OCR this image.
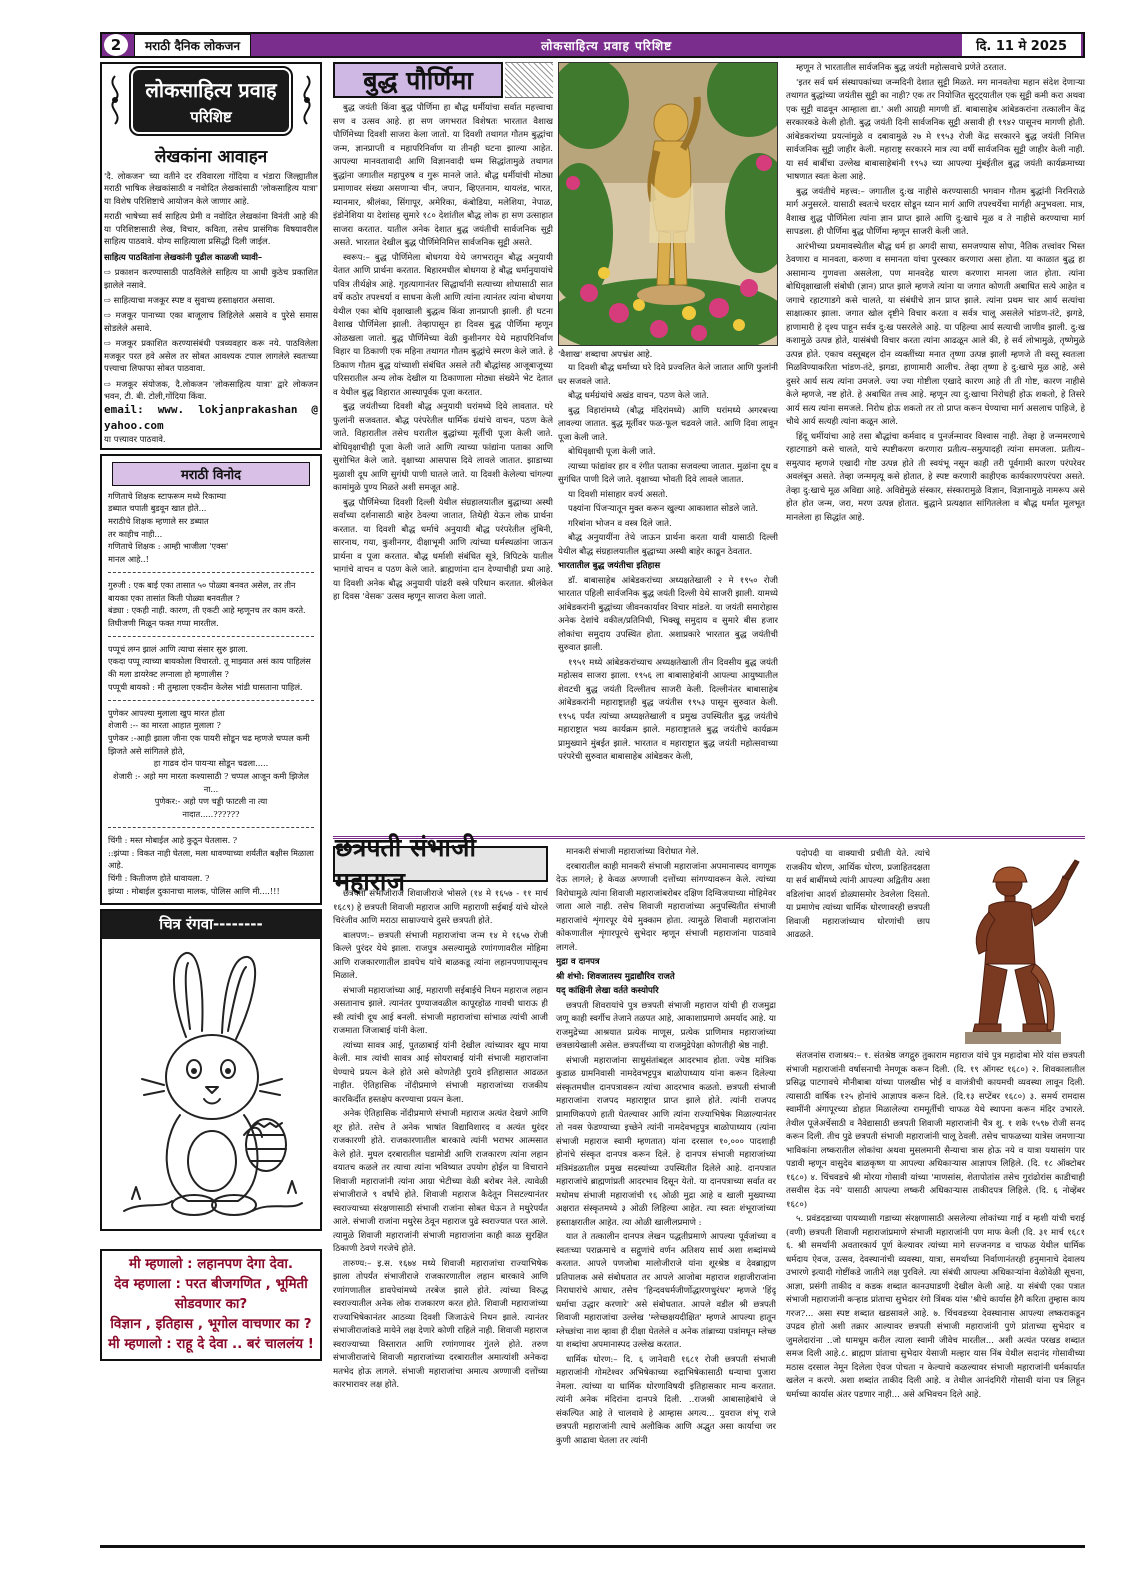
2	मराठी दैनिक लोकजन	लोकसाहित्य प्रवाह परिशिष्ट	दि. 11 मे 2025
लोकसाहित्य प्रवाह
परिशिष्ट
लेखकांना आवाहन

'दै. लोकजन' च्या वतीने दर रविवारला गोंदिया व भंडारा जिल्ह्यातील मराठी भाषिक लेखकांसाठी व नवोदित लेखकांसाठी 'लोकसाहित्य यात्रा' या विशेष परिशिष्टाचे आयोजन केले जाणार आहे.

मराठी भाषेच्या सर्व साहित्य प्रेमी व नवोदित लेखकांना विनंती आहे की या परिशिष्टासाठी लेख, विचार, कविता, तसेच प्रासंगिक विषयावरील साहित्य पाठवावे. योग्य साहित्याला प्रसिद्धी दिली जाईल.

साहित्य पाठवितांना लेखकांनी पुढील काळजी घ्यावी–

⇨ प्रकाशन करण्यासाठी पाठविलेले साहित्य या आधी कुठेच प्रकाशित झालेले नसावे.

⇨ साहित्याचा मजकूर स्पष्ट व सुवाच्य हस्ताक्षरात असावा.

⇨ मजकूर पानाच्या एका बाजूलाच लिहिलेले असावे व पुरेसे समास सोडलेले असावे.

⇨ मजकूर प्रकाशित करण्यासंबंधी पत्रव्यवहार करू नये. पाठविलेला मजकूर परत हवे असेल तर सोबत आवश्यक टपाल लागलेले स्वतःच्या पत्त्याचा लिफाफा सोबत पाठवावा.

⇨ मजकूर संयोजक, दै.लोकजन 'लोकसाहित्य यात्रा' द्वारे लोकजन भवन, टी. बी. टोली,गोंदिया किंवा.

email: www. lokjanprakashan @ yahoo.com
या पत्त्यावर पाठवावे.
मराठी विनोद
गणिताचे शिक्षक स्टाफरूम मध्ये रिकाम्या
डब्यात चपाती बुडवून खात होते...
मराठीचे शिक्षक म्हणाले सर डब्यात
तर काहीच नाही...
गणिताचे शिक्षक : आम्ही भाजीला 'एक्स'
मानल आहे..!
गुरुजी : एक बाई एका तासात ५० पोळ्या बनवत असेल, तर तीन बायका एका तासांत किती पोळ्या बनवतील ?
बंड्या : एकही नाही. कारण, ती एकटी आहे म्हणूनच तर काम करते. तिघीजणी मिळून फक्त गप्पा मारतील.
पप्पूचं लग्न झालं आणि त्याचा संसार सुरु झाला.
एकदा पप्पू त्याच्या बायकोला विचारतो. तू माझ्यात असं काय पाहिलंस की मला डायरेक्ट लग्नाला हो म्हणालीस ?
पप्पूची बायको : मी तुम्हाला एकदीन केलेस भांडी घासताना पाहिलं.
पुणेकर आपल्या मुलाला खुप मारत होता
शेजारी :-- का मारता आहात मुलाला ?
पुणेकर :-आही झाला जीना एक पायरी सोडून चढ म्हणजे चप्पल कमी झिजते असे सांगितले होते,
हा गाढव दोन पायऱ्या सोडून चढला.....
शेजारी :- अहो मग मारता कश्यासाठी ? चप्पल आजून कमी झिजेल ना...
पुणेकर:- अहो पण चड्डी फाटली ना त्या
नादात.....??????
चिंगी : मस्त मोबाईल आहे कुठून घेतलास. ?
::झंप्या : विकत नाही घेतला, मला धावण्याच्या शर्यतीत बक्षीस मिळाला आहे.
चिंगी : कितीजण होते धावायला. ?
झंप्या : मोबाईल दुकानाचा मालक, पोलिस आणि मी....!!!
चित्र रंगवा--------
मी म्हणालो : लहानपण देगा देवा.
देव म्हणाला : परत बीजगणित , भूमिती सोडवणार का?
विज्ञान , इतिहास , भूगोल वाचणार का ?
मी म्हणालो : राहू दे देवा .. बरं चाललंय !
बुद्ध पौर्णिमा

बुद्ध जयंती किंवा बुद्ध पौर्णिमा हा बौद्ध धर्मीयांचा सर्वात महत्त्वाचा सण व उत्सव आहे. हा सण जगभरात विशेषतः भारतात वैशाख पौर्णिमेच्या दिवशी साजरा केला जातो. या दिवशी तथागत गौतम बुद्धांचा जन्म, ज्ञानप्राप्ती व महापरिनिर्वाण या तीनही घटना झाल्या आहेत. आपल्या मानवतावादी आणि विज्ञानवादी धम्म सिद्धांतामुळे तथागत बुद्धांना जगातील महापुरुष व गुरू मानले जाते. बौद्ध धर्मीयांची मोठ्या प्रमाणावर संख्या असणाऱ्या चीन, जपान, व्हिएतनाम, थायलंड, भारत, म्यानमार, श्रीलंका, सिंगापूर, अमेरिका, कंबोडिया, मलेशिया, नेपाळ, इंडोनेशिया या देशांसह सुमारे १८० देशांतील बौद्ध लोक हा सण उत्साहात साजरा करतात. यातील अनेक देशात बुद्ध जयंतीची सार्वजनिक सुट्टी असते. भारतात देखील बुद्ध पौर्णिमेनिमित्त सार्वजनिक सुट्टी असते.

स्वरूप:– बुद्ध पौर्णिमेला बोधगया येथे जगभरातून बौद्ध अनुयायी येतात आणि प्रार्थना करतात. बिहारमधील बोधगया हे बौद्ध धर्मानुयायांचे पवित्र तीर्थक्षेत्र आहे. गृहत्यागानंतर सिद्धार्थांनी सत्याच्या शोधासाठी सात वर्षे कठोर तपश्चर्या व साधना केली आणि त्यांना त्यानंतर त्यांना बोधगया येथील एका बोधि वृक्षाखाली बुद्धत्व किंवा ज्ञानप्राप्ती झाली. ही घटना वैशाख पौर्णिमेला झाली. तेव्हापासून हा दिवस बुद्ध पौर्णिमा म्हणून ओळखला जातो. बुद्ध पौर्णिमेच्या वेळी कुशीनगर येथे महापरिनिर्वाण विहार या ठिकाणी एक महिना तथागत गौतम बुद्धांचे स्मरण केले जाते. हे ठिकाण गौतम बुद्ध यांच्याशी संबंधित असले तरी बौद्धांसह आजूबाजूच्या परिसरातील अन्य लोक देखील या ठिकाणाला मोठ्या संख्येने भेट देतात व येथील बुद्ध विहारात आस्थापूर्वक पूजा करतात.

बुद्ध जयंतीच्या दिवशी बौद्ध अनुयायी घरांमध्ये दिवे लावतात. घरे फुलांनी सजवतात. बौद्ध परंपरेतील धार्मिक ग्रंथांचे वाचन, पठण केले जाते. विहारातील तसेच घरातील बुद्धांच्या मूर्तीची पूजा केली जाते. बोधिवृक्षाचीही पूजा केली जाते आणि त्याच्या फांद्यांना पताका आणि सुशोभित केले जाते. वृक्षाच्या आसपास दिवे लावले जातात. झाडाच्या मुळाशी दूध आणि सुगंधी पाणी घातले जाते. या दिवशी केलेल्या चांगल्या कामांमुळे पुण्य मिळते अशी समजूत आहे.

बुद्ध पौर्णिमेच्या दिवशी दिल्ली येथील संग्रहालयातील बुद्धाच्या अस्थी सर्वांच्या दर्शनासाठी बाहेर ठेवल्या जातात, तिथेही येऊन लोक प्रार्थना करतात. या दिवशी बौद्ध धर्माचे अनुयायी बौद्ध परंपरेतील लुंबिनी, सारनाथ, गया, कुशीनगर, दीक्षाभूमी आणि त्यांच्या धर्मस्थळांना जाऊन प्रार्थना व पूजा करतात. बौद्ध धर्माशी संबंधित सूत्रे, त्रिपिटके यातील भागांचे वाचन व पठण केले जाते. ब्राह्मणांना दान देण्याचीही प्रथा आहे. या दिवशी अनेक बौद्ध अनुयायी पांढरी वस्त्रे परिधान करतात. श्रीलंकेत हा दिवस 'वेसक' उत्सव म्हणून साजरा केला जातो.

'वैशाख' शब्दाचा अपभ्रंश आहे.

या दिवशी बौद्ध धर्मांच्या घरे दिवे प्रज्वलित केले जातात आणि फुलांनी घर सजवले जाते.

बौद्ध धर्मग्रंथांचे अखंड वाचन, पठण केले जाते.

बुद्ध विहारांमध्ये (बौद्ध मंदिरांमध्ये) आणि घरांमध्ये अगरबत्त्या लावल्या जातात. बुद्ध मूर्तीवर फळ-फूल चढवले जाते. आणि दिवा लावून पूजा केली जाते.

बोधिवृक्षाची पूजा केली जाते.

त्याच्या फांद्यांवर हार व रंगीत पताका सजवल्या जातात. मुळांना दूध व सुगंधित पाणी दिले जाते. वृक्षाच्या भोवती दिवे लावले जातात.

या दिवशी मांसाहार वर्ज्य असतो.

पक्ष्यांना पिंजऱ्यातून मुक्त करून खुल्या आकाशात सोडले जाते.

गरिबांना भोजन व वस्त्र दिले जाते.

बौद्ध अनुयायींना तेथे जाऊन प्रार्थना करता यावी यासाठी दिल्ली येथील बौद्ध संग्रहालयातील बुद्धाच्या अस्थी बाहेर काढून ठेवतात.

भारतातील बुद्ध जयंतीचा इतिहास

डॉ. बाबासाहेब आंबेडकरांच्या अध्यक्षतेखाली २ मे १९५० रोजी भारतात पहिली सार्वजनिक बुद्ध जयंती दिल्ली येथे साजरी झाली. यामध्ये आंबेडकरांनी बुद्धांच्या जीवनकार्यावर विचार मांडले. या जयंती समारोहास अनेक देशांचे वकील/प्रतिनिधी, भिक्खू समुदाय व सुमारे बीस हजार लोकांचा समुदाय उपस्थित होता. अशाप्रकारे भारतात बुद्ध जयंतीची सुरुवात झाली.

१९५१ मध्ये आंबेडकरांच्याच अध्यक्षतेखाली तीन दिवसीय बुद्ध जयंती महोत्सव साजरा झाला. १९५६ ला बाबासाहेबांनी आपल्या आयुष्यातील शेवटची बुद्ध जयंती दिल्लीतच साजरी केली. दिल्लीनंतर बाबासाहेब आंबेडकरांनी महाराष्ट्रातही बुद्ध जयंतीस १९५३ पासून सुरुवात केली. १९५६ पर्यंत त्यांच्या अध्यक्षतेखाली व प्रमुख उपस्थितीत बुद्ध जयंतीचे महाराष्ट्रात भव्य कार्यक्रम झाले. महाराष्ट्रातले बुद्ध जयंतीचे कार्यक्रम प्रामुख्याने मुंबईत झाले. भारतात व महाराष्ट्रात बुद्ध जयंती महोत्सवाच्या परंपरेची सुरुवात बाबासाहेब आंबेडकर केली,

म्हणून ते भारतातील सार्वजनिक बुद्ध जयंती महोत्सवाचे प्रणेते ठरतात.

'इतर सर्व धर्म संस्थापकांच्या जन्मदिनी देशात सुट्टी मिळते. मग मानवतेचा महान संदेश देणाऱ्या तथागत बुद्धांच्या जयंतीस सुट्टी का नाही? एक तर नियोजित सुट्ट्यातील एक सुट्टी कमी करा अथवा एक सुट्टी वाढवून आम्हाला द्या.' अशी आग्रही मागणी डॉ. बाबासाहेब आंबेडकरांना तत्कालीन केंद्र सरकारकडे केली होती. बुद्ध जयंती दिनी सार्वजनिक सुट्टी असावी ही १९४२ पासूनच मागणी होती. आंबेडकरांच्या प्रयत्नांमुळे व दबावामुळे २७ मे १९५३ रोजी केंद्र सरकारने बुद्ध जयंती निमित्त सार्वजनिक सुट्टी जाहीर केली. महाराष्ट्र सरकारने मात्र त्या वर्षी सार्वजनिक सुट्टी जाहीर केली नाही. या सर्व बाबींचा उल्लेख बाबासाहेबांनी १९५३ च्या आपल्या मुंबईतील बुद्ध जयंती कार्यक्रमाच्या भाषणात स्वतः केला आहे.

बुद्ध जयंतीचे महत्त्व:– जगातील दु:ख नाहीसे करण्यासाठी भगवान गौतम बुद्धांनी निरनिराळे मार्ग अनुसरले. यासाठी स्वतःचे घरदार सोडून ध्यान मार्ग आणि तपश्चर्येचा मार्गही अनुभवला. मात्र, वैशाख शुद्ध पौर्णिमेला त्यांना ज्ञान प्राप्त झाले आणि दु:खाचे मूळ व ते नाहीसे करण्याचा मार्ग सापडला. ही पौर्णिमा बुद्ध पौर्णिमा म्हणून साजरी केली जाते.

आरंभीच्या प्रथमावस्थेतील बौद्ध धर्म हा अगदी साधा, समजण्यास सोपा, नैतिक तत्त्वांवर भिस्त ठेवणारा व मानवता, करुणा व समानता यांचा पुरस्कार करणारा असा होता. या काळात बुद्ध हा असामान्य गुणवत्ता असलेला, पण मानवदेह धारण करणारा मानला जात होता. त्यांना बोधिवृक्षाखाली संबोधी (ज्ञान) प्राप्त झाले म्हणजे त्यांना या जगात कोणती अबाधित सत्ये आहेत व जगाचे रहाटगाडगे कसे चालते, या संबंधीचे ज्ञान प्राप्त झाले. त्यांना प्रथम चार आर्य सत्यांचा साक्षात्कार झाला. जगात खोल दृष्टीने विचार करता व सर्वत्र चालू असलेले भांडण-तंटे, झगडे, हाणामारी हे दृश्य पाहून सर्वत्र दु:ख पसरलेले आहे. या पहिल्या आर्य सत्याची जाणीव झाली. दु:ख कशामुळे उत्पन्न होते, यासंबंधी विचार करता त्यांना आढळून आले की, हे सर्व लोभामुळे, तृष्णेमुळे उत्पन्न होते. एकाच वस्तूबद्दल दोन व्यक्तींच्या मनात तृष्णा उत्पन्न झाली म्हणजे ती वस्तू स्वतःला मिळविण्याकरिता भांडण-तंटे, झगडा, हाणामारी आलीच. तेव्हा तृष्णा हे दु:खाचे मूळ आहे, असे दुसरे आर्य सत्य त्यांना उमजले. ज्या ज्या गोष्टीला एखादे कारण आहे ती ती गोष्ट, कारण नाहीसे केले म्हणजे, नष्ट होते. हे अबाधित तत्त्व आहे. म्हणून त्या दु:खाचा निरोधही होऊ शकतो, हे तिसरे आर्य सत्य त्यांना समजले. निरोध होऊ शकतो तर तो प्राप्त करून घेण्याचा मार्ग असलाच पाहिजे, हे चौथे आर्य सत्यही त्यांना कळून आले.

हिंदू धर्मीयांचा आहे तसा बौद्धांचा कर्मवाद व पुनर्जन्मावर विश्वास नाही. तेव्हा हे जन्ममरणाचे रहाटगाडगे कसे चालते, याचे स्पष्टीकरण करणारा प्रतीत्य–समुत्पादही त्यांना समजला. प्रतीत्य–समुत्पाद म्हणजे एखादी गोष्ट उत्पन्न होते ती स्वयंभू नसून काही तरी पूर्वगामी कारण परंपरेवर अवलंबून असते. तेव्हा जन्ममृत्यू कसे होतात, हे स्पष्ट करणारी काहीएक कार्यकारणपरंपरा असते. तेव्हा दु:खाचे मूळ अविद्या आहे. अविद्येमुळे संस्कार, संस्कारामुळे विज्ञान, विज्ञानामुळे नामरूप असे होत होत जन्म, जरा, मरण उत्पन्न होतात. बुद्धाने प्रत्यक्षात सांगितलेला व बौद्ध धर्मात मूलभूत मानलेला हा सिद्धांत आहे.

छत्रपती संभाजी महाराज

छत्रपती संभाजीराजे शिवाजीराजे भोसले (१४ मे १६५७ - ११ मार्च १६८९) हे छत्रपती शिवाजी महाराज आणि महाराणी सईबाई यांचे थोरले चिरंजीव आणि मराठा साम्राज्याचे दुसरे छत्रपती होते.

बालपण:– छत्रपती संभाजी महाराजांचा जन्म १४ मे १६५७ रोजी किल्ले पुरंदर येथे झाला. राजपुत्र असल्यामुळे रणांगणावरील मोहिमा आणि राजकारणातील डावपेच यांचे बाळकडू त्यांना लहानपणापासूनच मिळाले.

संभाजी महाराजांच्या आई, महाराणी सईबाईचे निधन महाराज लहान असतानाच झाले. त्यानंतर पुण्याजवळील कापूरहोळ गावची धाराऊ ही स्त्री त्यांची दूध आई बनली. संभाजी महाराजांचा सांभाळ त्यांची आजी राजमाता जिजाबाई यांनी केला.

त्यांच्या सावत्र आई, पुतळाबाई यांनी देखील त्यांच्यावर खूप माया केली. मात्र त्यांची सावत्र आई सोयराबाई यांनी संभाजी महाराजांना घेण्याचे प्रयत्न केले होते असे कोणतेही पुरावे इतिहासात आढळत नाहीत. ऐतिहासिक नोंदीप्रमाणे संभाजी महाराजांच्या राजकीय कारकिर्दीत हस्तक्षेप करण्याचा प्रयत्न केला.

अनेक ऐतिहासिक नोंदीप्रमाणे संभाजी महाराज अत्यंत देखणे आणि शूर होते. तसेच ते अनेक भाषांत विद्याविशारद व अत्यंत धुरंदर राजकारणी होते. राजकारणातील बारकावे त्यांनी भराभर आत्मसात केले होते. मुघल दरबारातील घडामोडी आणि राजकारण त्यांना लहान वयातच कळले तर त्याचा त्यांना भविष्यात उपयोग होईल या विचाराने शिवाजी महाराजांनी त्यांना आग्रा भेटीच्या वेळी बरोबर नेले. त्यावेळी संभाजीराजे ९ वर्षांचे होते. शिवाजी महाराज कैदेतून निसटल्यानंतर स्वराज्याच्या संरक्षणासाठी संभाजी राजांना सोबत घेऊन ते मथुरेपर्यंत आले. संभाजी राजांना मथुरेस ठेवून महाराज पुढे स्वराज्यात परत आले. त्यामुळे शिवाजी महाराजांनी संभाजी महाराजांना काही काळ सुरक्षित ठिकाणी ठेवणे गरजेचे होते.

तारुण्य:– इ.स. १६७४ मध्ये शिवाजी महाराजांचा राज्याभिषेक झाला तोपर्यंत संभाजीराजे राजकारणातील लहान बारकावे आणि रणांगणातील डावपेचांमध्ये तरबेज झाले होते. त्यांच्या विरुद्ध स्वराज्यातील अनेक लोक राजकारण करत होते. शिवाजी महाराजांच्या राज्याभिषेकानंतर आठव्या दिवशी जिजाऊंचे निधन झाले. त्यानंतर संभाजीराजांकडे मायेने लक्ष देणारे कोणी राहिले नाही. शिवाजी महाराज स्वराज्याच्या विस्तारात आणि रणांगणावर गुंतले होते. तरुण संभाजीराजांचे शिवाजी महाराजांच्या दरबारातील अमात्यांशी अनेकदा मतभेद होऊ लागले. संभाजी महाराजांचा अमात्य अण्णाजी दत्तोंच्या कारभारावर लक्ष होते.

मानकरी संभाजी महाराजांच्या विरोधात गेले.

दरबारातील काही मानकरी संभाजी महाराजांना अपमानास्पद वागणूक देऊ लागले; हे केवळ अण्णाजी दत्तोंच्या सांगण्यावरून केले. त्यांच्या विरोधामुळे त्यांना शिवाजी महाराजांबरोबर दक्षिण दिग्विजयाच्या मोहिमेवर जाता आले नाही. तसेच शिवाजी महाराजांच्या अनुपस्थितीत संभाजी महाराजांचे शृंगारपूर येथे मुक्काम होता. त्यामुळे शिवाजी महाराजांना कोकणातील शृंगारपूरचे सुभेदार म्हणून संभाजी महाराजांना पाठवावे लागले.

मुद्रा व दानपत्र

श्री शंभो: शिवजातस्य मुद्राद्यौरिव राजते

यद् कांक्षिनी लेखा वर्तते कस्योपरि

छत्रपती शिवरायांचे पुत्र छत्रपती संभाजी महाराज यांची ही राजमुद्रा जणू काही स्वर्गीच तेजाने तळपत आहे, आकाशाप्रमाणे अमर्याद आहे. या राजमुद्रेच्या आश्रयात प्रत्येक माणूस, प्रत्येक प्राणिमात्र महाराजांच्या छत्रछायेखाली असेल. छत्रपतींच्या या राजमुद्रेपेक्षा कोणतीही श्रेष्ठ नाही.

संभाजी महाराजांना साधुसंतांबद्दल आदरभाव होता. ज्येष्ठ मांत्रिक कुडाळ ग्रामनिवासी नामदेवभट्टपुत्र बाळोपाध्याय यांना करून दिलेल्या संस्कृतमधील दानपत्रावरून त्यांचा आदरभाव कळतो. छत्रपती संभाजी महाराजांना राजपद महाराष्ट्रात प्राप्त झाले होते. त्यांनी राजपद प्रामाणिकपणे हाती घेतल्यावर आणि त्यांना राज्याभिषेक मिळाल्यानंतर तो नवस फेडण्याच्या इच्छेने त्यांनी नामदेवभट्टपुत्र बाळोपाध्याय (त्यांना संभाजी महाराज स्वामी म्हणतात) यांना दरसाल १०,००० पादशाही होनांचे संस्कृत दानपत्र करून दिले. हे दानपत्र संभाजी महाराजांच्या मंत्रिमंडळातील प्रमुख सदस्यांच्या उपस्थितीत दिलेले आहे. दानपत्रात महाराजांचे ब्राह्मणांप्रती आदरभाव दिसून येतो. या दानपत्राच्या सर्वात वर मधोमध संभाजी महाराजांची १६ ओळी मुद्रा आहे व खाली मुख्याच्या अक्षरात संस्कृतमध्ये ३ ओळी लिहिल्या आहेत. त्या स्वतः शंभूराजांच्या हस्ताक्षरातील आहेत. त्या ओळी खालीलप्रमाणे :

यात ते तत्कालीन दानपत्र लेखन पद्धतीप्रमाणे आपल्या पूर्वजांच्या व स्वतःच्या पराक्रमाचे व सद्गुणांचे वर्णन अतिशय सार्थ अशा शब्दांमध्ये करतात. आपले पणजोबा मालोजीराजे यांना शूरश्रेष्ठ व देवब्राह्मण प्रतिपालक असे संबोधतात तर आपले आजोबा महाराज शहाजीराजांना निराधारांचे आधार, तसेच 'हिन्दवधर्मजीर्णोद्धारणधुरंधर' म्हणजे 'हिंदू धर्माचा उद्धार करणारे' असे संबोधतात. आपले वडील श्री छत्रपती शिवाजी महाराजांचा उल्लेख 'म्लेच्छक्षयदीक्षित' म्हणजे आपल्या हातून म्लेच्छांचा नाश व्हावा ही दीक्षा घेतलेले व अनेक तांब्राच्या पत्रांमधून म्लेच्छ या शब्दांचा अपमानास्पद उल्लेख करतात.

धार्मिक धोरण:– दि. ६ जानेवारी १६८१ रोजी छत्रपती संभाजी महाराजांनी गोमटेश्वर अभिषेकाच्या रुद्राभिषेकासाठी धन्याचा पुजारा नेमला. त्यांच्या या धार्मिक धोरणाविषयी इतिहासकार मान्य करतात. त्यांनी अनेक मंदिरांना दानपत्रे दिली. ..राजश्री आबासाहेबांचे जे संकल्पित आहे ते चालवावे हे आम्हास अगत्य... युवराज शंभू राजे छत्रपती महाराजांनी त्याचे अलौकिक आणि अद्भुत असा कार्याचा जर कुणी आढावा घेतला तर त्यांनी

पदोपदी या वाक्याची प्रचीती येते. त्यांचे राजकीय धोरण, आर्थिक धोरण, प्रजाहितदक्षता या सर्व बाबींमध्ये त्यांनी आपल्या अद्वितीय अशा वडिलांचा आदर्श डोळ्यासमोर ठेवलेला दिसतो. या प्रमाणेच त्यांच्या धार्मिक धोरणावरही छत्रपती शिवाजी महाराजांच्याच धोरणांची छाप आढळते.

संतजनांस राजाश्रय:– १. संतश्रेष्ठ जगद्गुरु तुकाराम महाराज यांचे पुत्र महादोबा मोरे यांस छत्रपती संभाजी महाराजांनी वर्षासनाची नेमणूक करून दिली. (दि. १९ ऑगस्ट १६८०) २. शिवकालातील प्रसिद्ध पाटगावचे मौनीबाबा यांच्या पालखीस भोई व वाजंत्रीची कायमची व्यवस्था लावून दिली. त्यासाठी वार्षिक १२५ होनांचे आज्ञापत्र करून दिले. (दि.१३ सप्टेंबर १६८०) ३. समर्थ रामदास स्वामींनी अंगापूरच्या डोहात मिळालेल्या राममूर्तीची चाफळ येथे स्थापना करून मंदिर उभारले. तेथील पूजेअर्चेसाठी व नैवेद्यासाठी छत्रपती शिवाजी महाराजांनी चैत्र शु. १ शके १५९७ रोजी सनद करून दिली. तीच पुढे छत्रपती संभाजी महाराजांनी चालू ठेवली. तसेच चाफळच्या यात्रेस जमणाऱ्या भाविकांना लष्करातील लोकांचा अथवा मुसलमानी सैन्याचा त्रास होऊ नये व यात्रा यथासांग पार पडावी म्हणून वासुदेव बाळकृष्ण या आपल्या अधिकाऱ्यास आज्ञापत्र लिहिले. (दि. १८ ऑक्टोबर १६८०) ४. चिंचवडचे श्री मोरया गोसावी यांच्या 'माणसांस, शेतापोतांस तसेच गुरांढोरांस काडीचाही तसवीस देऊ नये' यासाठी आपल्या लष्करी अधिकाऱ्यास ताकीदपत्र लिहिले. (दि. ६ नोव्हेंबर १६८०)

५. प्रवंडदडाच्या पायथ्याशी गडाच्या संरक्षणासाठी असलेल्या लोकांच्या गाई व म्हशी यांची चराई (वणी) छत्रपती शिवाजी महाराजांप्रमाणे संभाजी महाराजांनी पण माफ केली (दि. ३१ मार्च १६८१ ६. श्री समर्थांनी अवतारकार्य पूर्ण केल्यावर त्यांच्या मागे सज्जनगड व चाफळ येथील धार्मिक धर्मदाय ऐवज, उत्सव, देवस्थानांची व्यवस्था, यात्रा, समर्थांच्या निर्वाणानंतरही हनुमानाचे देवालय उभारणे इत्यादी गोष्टींकडे जातीने लक्ष पुरविले. त्या संबंधी आपल्या अधिकाऱ्यांना वेळोवेळी सूचना, आज्ञा, प्रसंगी ताकीद व कडक शब्दात कानउघाडणी देखील केली आहे. या संबंधी एका पत्रात संभाजी महाराजांनी कऱ्हाड प्रांताचा सुभेदार रंगो त्रिंबक यांस 'श्रीचे कार्यास हैगै करिता तुम्हास काय गरज?... असा स्पष्ट शब्दात खडसावले आहे. ७. चिंचवडच्या देवस्थानास आपल्या लष्कराकडून उपद्रव होतो अशी तक्रार आल्यावर छत्रपती संभाजी महाराजांनी पुणे प्रांताच्या सुभेदार व जुमलेदारांना ..जो धामधूम करील त्याला स्वामी जीवेच मारतील... अशी अत्यंत परखड शब्दात समज दिली आहे.८. ब्राह्मण प्रांताचा सुभेदार येसाजी मल्हार यास निंब येथील सदानंद गोसावीच्या मठास दरसाल नेमून दिलेला ऐवज पोचता न केल्याचे कळल्यावर संभाजी महाराजांनी धर्मकार्यात खलेल न करणे. अशा शब्दांत ताकीद दिली आहे. व तेथील आनंदगिरी गोसावी यांना पत्र लिहून धर्माच्या कार्यास अंतर पडणार नाही... असे अभिवचन दिले आहे.
